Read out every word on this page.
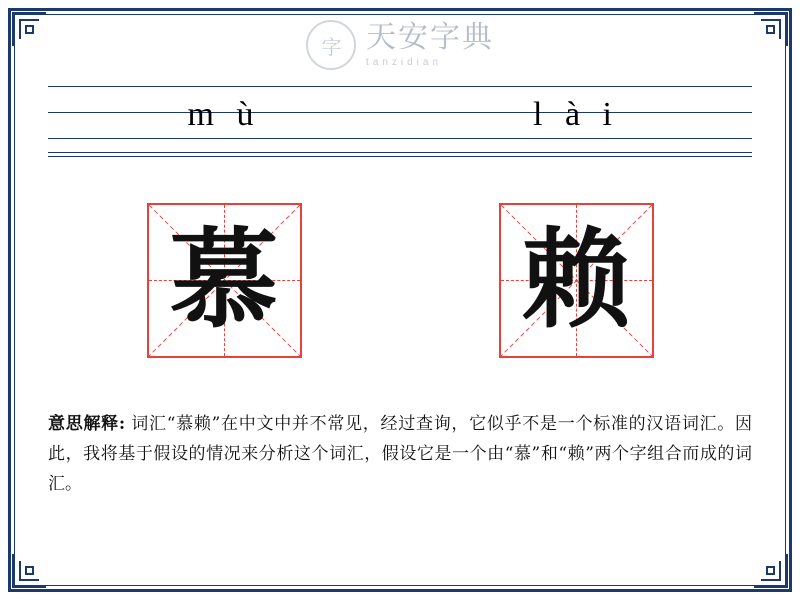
字 天安字典
tanzidian
m ù	l à i
慕 赖
意思解释: 词汇“慕赖”在中文中并不常见，经过查询，它似乎不是一个标准的汉语词汇。因此，我将基于假设的情况来分析这个词汇，假设它是一个由“慕”和“赖”两个字组合而成的词汇。
